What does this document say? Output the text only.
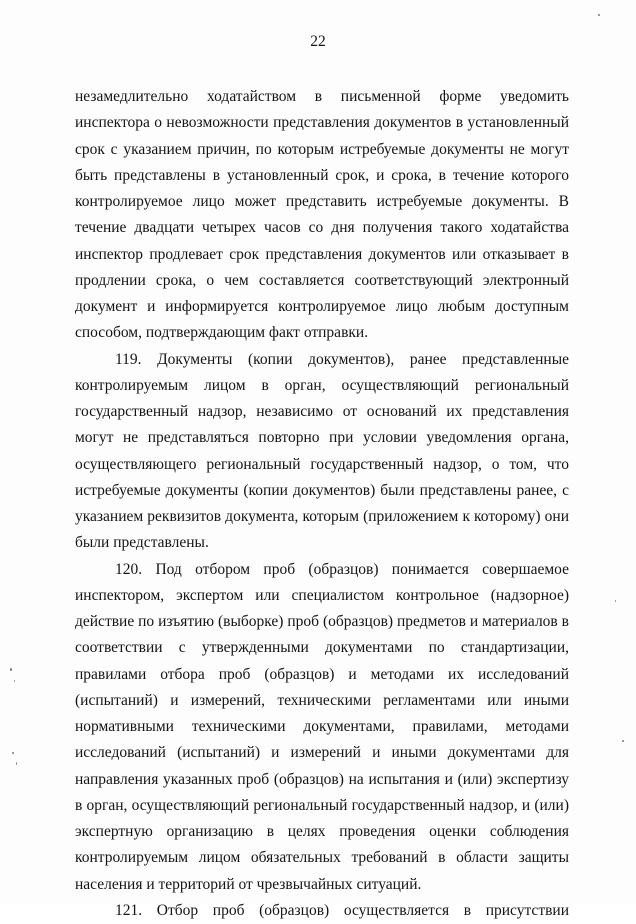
22

незамедлительно ходатайством в письменной форме уведомить инспектора о невозможности представления документов в установленный срок с указанием причин, по которым истребуемые документы не могут быть представлены в установленный срок, и срока, в течение которого контролируемое лицо может представить истребуемые документы. В течение двадцати четырех часов со дня получения такого ходатайства инспектор продлевает срок представления документов или отказывает в продлении срока, о чем составляется соответствующий электронный документ и информируется контролируемое лицо любым доступным способом, подтверждающим факт отправки.

119. Документы (копии документов), ранее представленные контролируемым лицом в орган, осуществляющий региональный государственный надзор, независимо от оснований их представления могут не представляться повторно при условии уведомления органа, осуществляющего региональный государственный надзор, о том, что истребуемые документы (копии документов) были представлены ранее, с указанием реквизитов документа, которым (приложением к которому) они были представлены.

120. Под отбором проб (образцов) понимается совершаемое инспектором, экспертом или специалистом контрольное (надзорное) действие по изъятию (выборке) проб (образцов) предметов и материалов в соответствии с утвержденными документами по стандартизации, правилами отбора проб (образцов) и методами их исследований (испытаний) и измерений, техническими регламентами или иными нормативными техническими документами, правилами, методами исследований (испытаний) и измерений и иными документами для направления указанных проб (образцов) на испытания и (или) экспертизу в орган, осуществляющий региональный государственный надзор, и (или) экспертную организацию в целях проведения оценки соблюдения контролируемым лицом обязательных требований в области защиты населения и территорий от чрезвычайных ситуаций.

121. Отбор проб (образцов) осуществляется в присутствии
